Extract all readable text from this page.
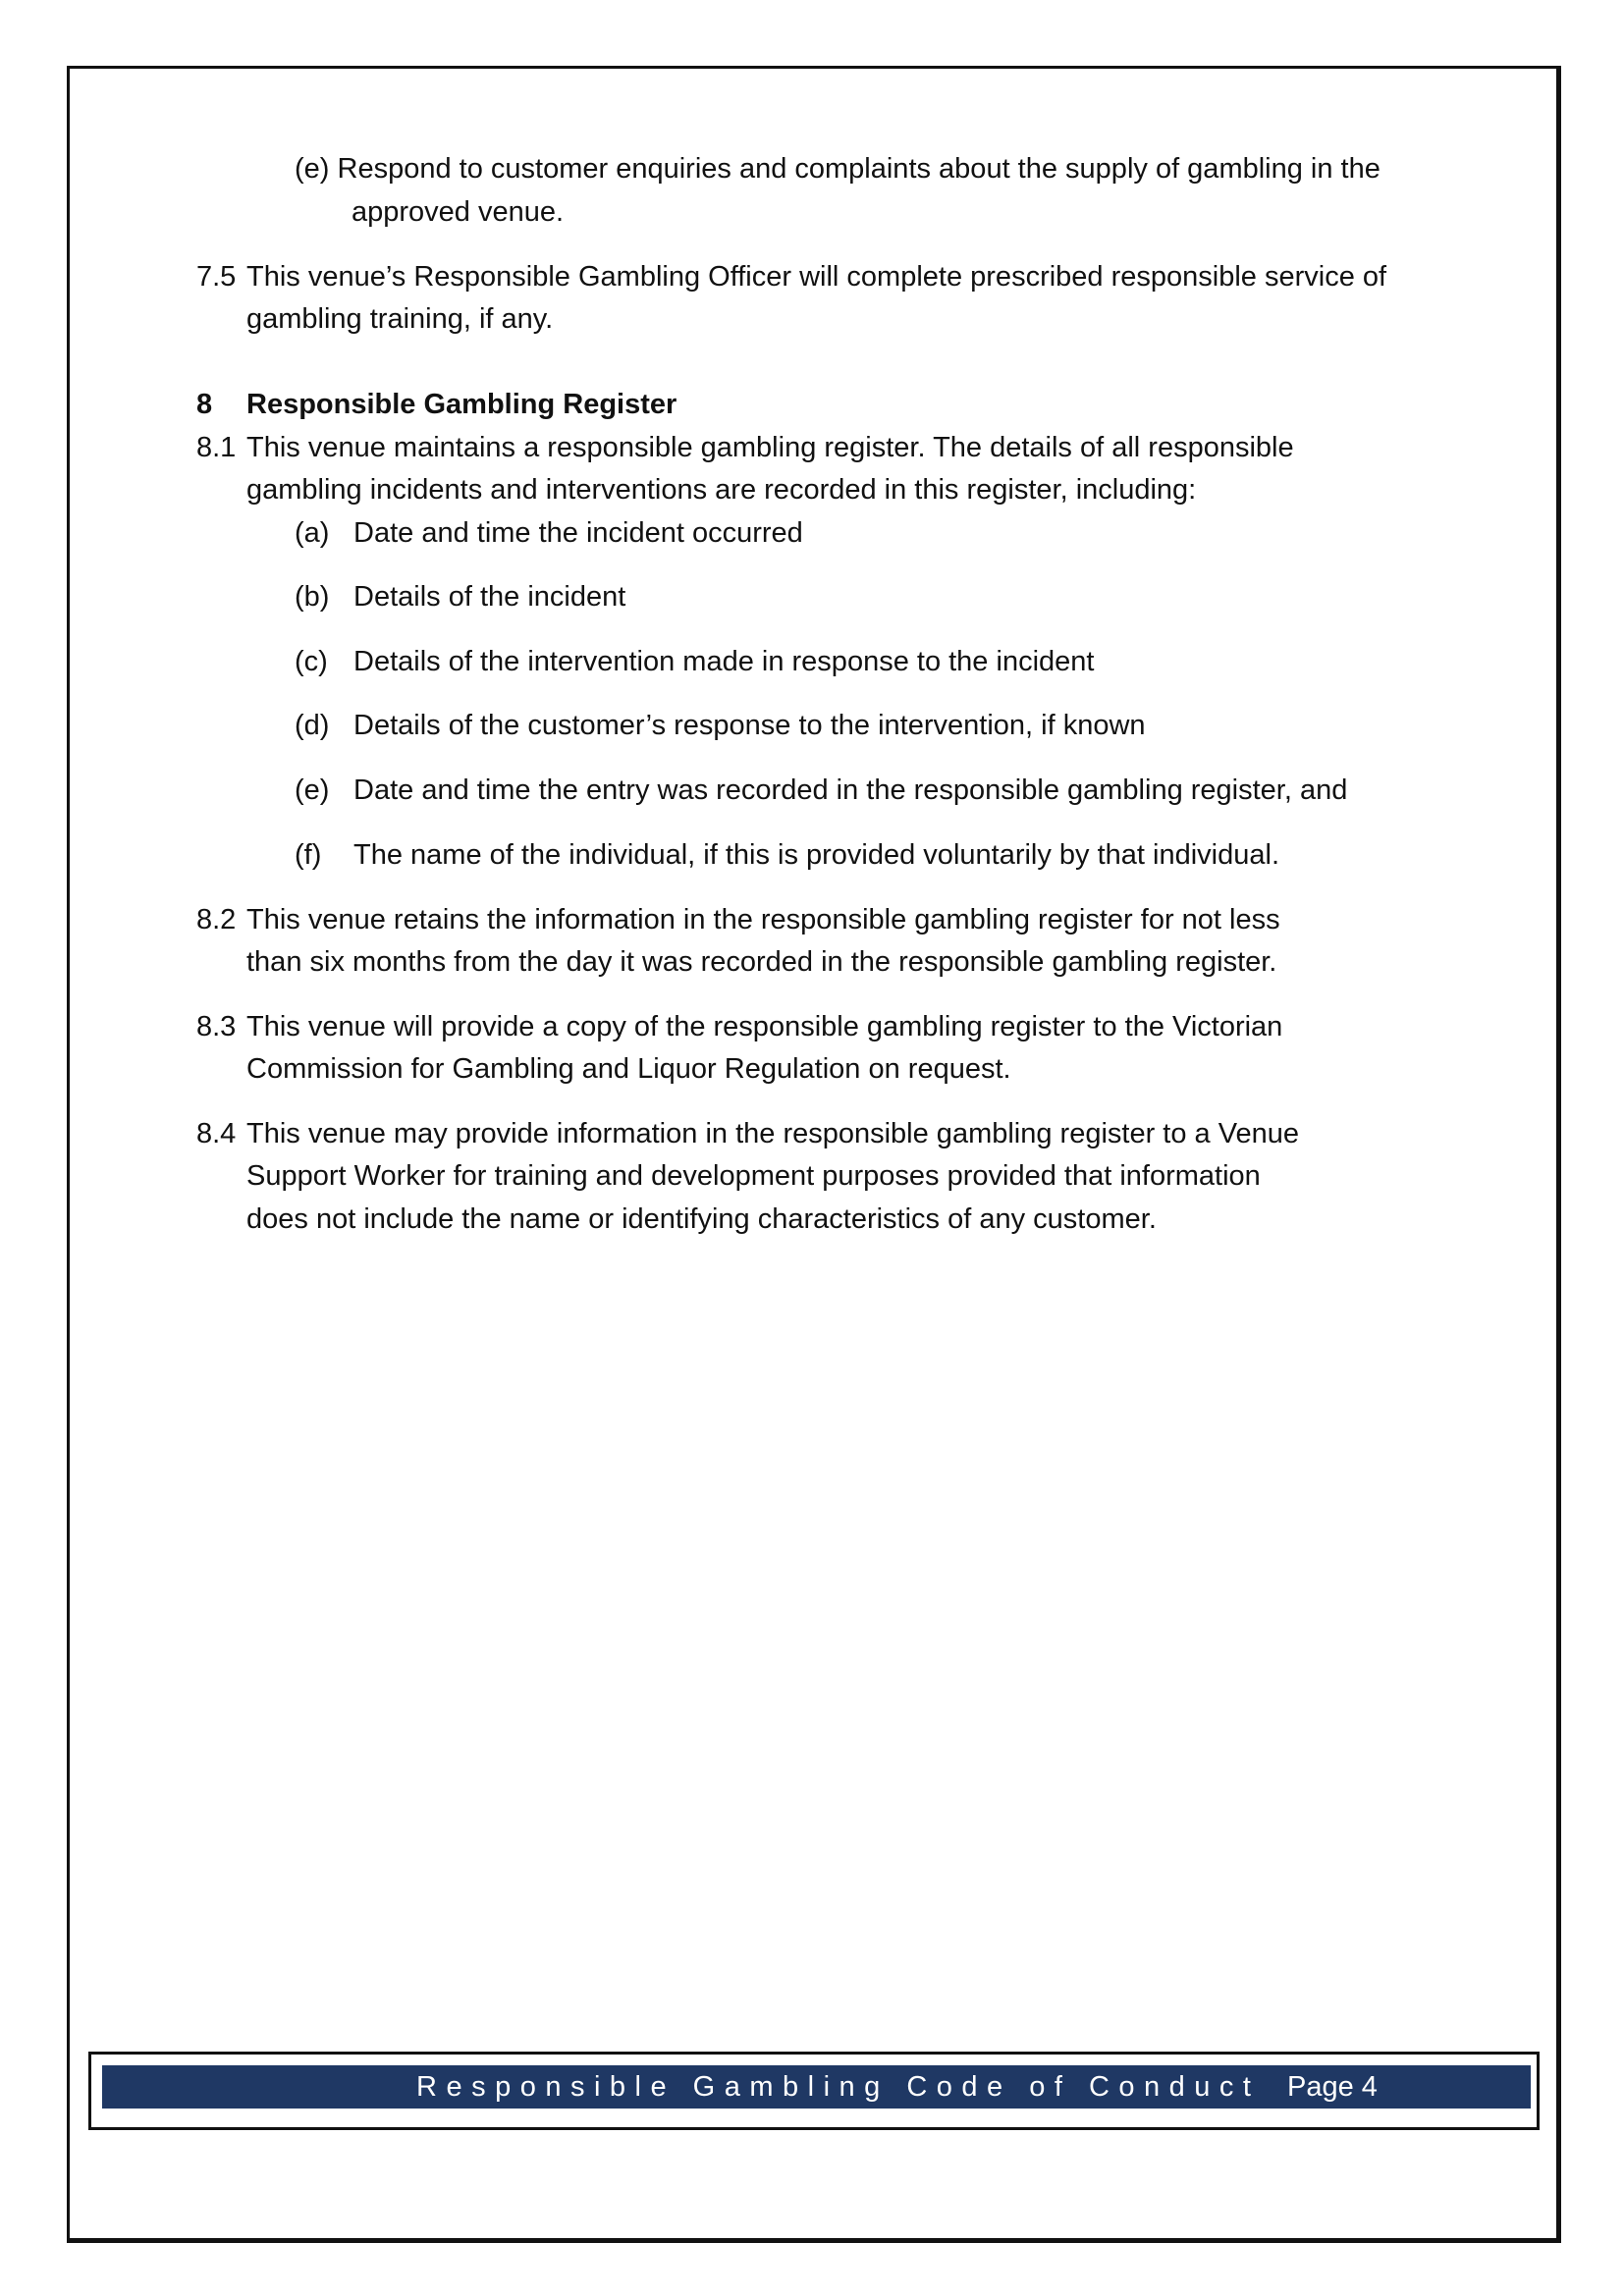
(e) Respond to customer enquiries and complaints about the supply of gambling in the
approved venue.
7.5 This venue’s Responsible Gambling Officer will complete prescribed responsible service of
gambling training, if any.
8 Responsible Gambling Register
8.1 This venue maintains a responsible gambling register. The details of all responsible
gambling incidents and interventions are recorded in this register, including:
(a) Date and time the incident occurred
(b) Details of the incident
(c) Details of the intervention made in response to the incident
(d) Details of the customer’s response to the intervention, if known
(e) Date and time the entry was recorded in the responsible gambling register, and
(f) The name of the individual, if this is provided voluntarily by that individual.
8.2 This venue retains the information in the responsible gambling register for not less
than six months from the day it was recorded in the responsible gambling register.
8.3 This venue will provide a copy of the responsible gambling register to the Victorian
Commission for Gambling and Liquor Regulation on request.
8.4 This venue may provide information in the responsible gambling register to a Venue
Support Worker for training and development purposes provided that information
does not include the name or identifying characteristics of any customer.
Responsible Gambling Code of Conduct Page 4
